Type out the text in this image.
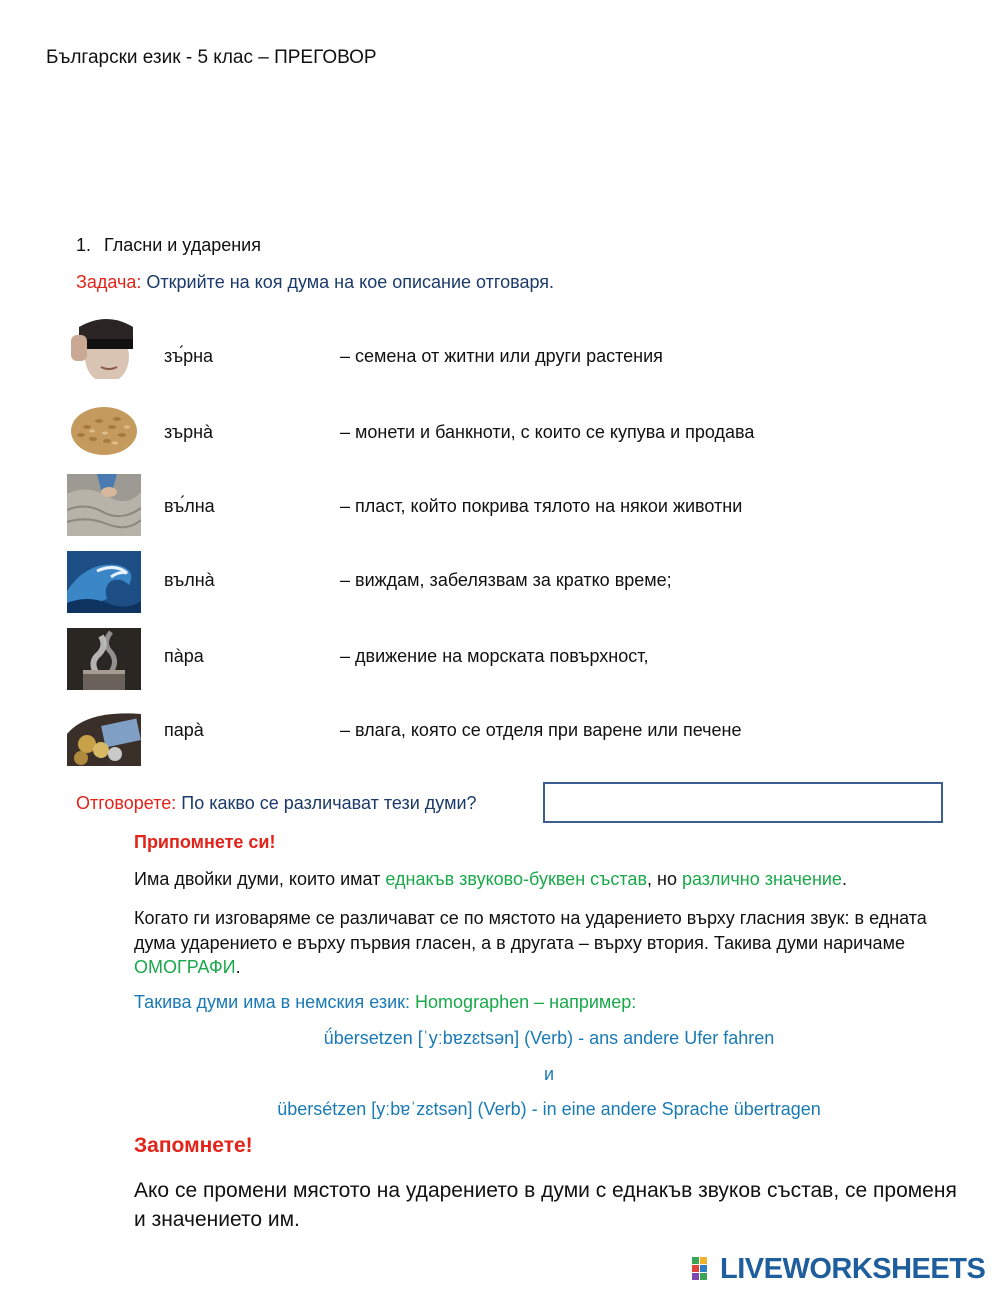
Български език - 5 клас – ПРЕГОВОР
1. Гласни и ударения
Задача: Открийте на коя дума на кое описание отговаря.
зъ́рна	– семена от житни или други растения
зърнà	– монети и банкноти, с които се купува и продава
въ́лна	– пласт, който покрива тялото на някои животни
вълнà	– виждам, забелязвам за кратко време;
пàра	– движение на морската повърхност,
парà	– влага, която се отделя при варене или печене
Отговорете: По какво се различават тези думи?
Припомнете си!
Има двойки думи, които имат еднакъв звуково-буквен състав, но различно значение.
Когато ги изговаряме се различават се по мястото на ударението върху гласния звук: в едната дума ударението е върху първия гласен, а в другата – върху втория. Такива думи наричаме ОМОГРАФИ.
Такива думи има в немския език: Homographen – например:
ǘbersetzen [ˈyːbɐzɛtsən] (Verb) - ans andere Ufer fahren
и
übersétzen [yːbɐˈzɛtsən] (Verb) - in eine andere Sprache übertragen
Запомнете!
Ако се промени мястото на ударението в думи с еднакъв звуков състав, се променя и значението им.
LIVEWORKSHEETS
